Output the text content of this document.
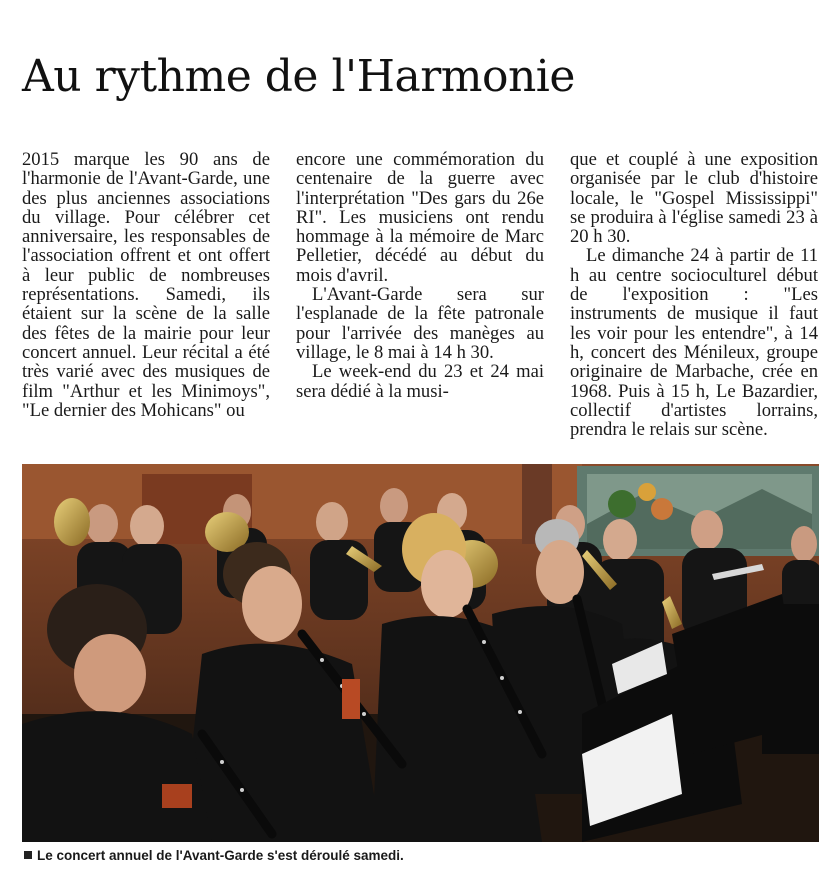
Au rythme de l'Harmonie

2015 marque les 90 ans de l'harmonie de l'Avant-Garde, une des plus anciennes associations du village. Pour célébrer cet anniversaire, les responsables de l'association offrent et ont offert à leur public de nombreuses représentations. Samedi, ils étaient sur la scène de la salle des fêtes de la mairie pour leur concert annuel. Leur récital a été très varié avec des musiques de film "Arthur et les Minimoys", "Le dernier des Mohicans" ou

encore une commémoration du centenaire de la guerre avec l'interprétation "Des gars du 26e RI". Les musiciens ont rendu hommage à la mémoire de Marc Pelletier, décédé au début du mois d'avril.

L'Avant-Garde sera sur l'esplanade de la fête patronale pour l'arrivée des manèges au village, le 8 mai à 14 h 30.

Le week-end du 23 et 24 mai sera dédié à la musi-

que et couplé à une exposition organisée par le club d'histoire locale, le "Gospel Mississippi" se produira à l'église samedi 23 à 20 h 30.

Le dimanche 24 à partir de 11 h au centre socioculturel début de l'exposition : "Les instruments de musique il faut les voir pour les entendre", à 14 h, concert des Ménileux, groupe originaire de Marbache, crée en 1968. Puis à 15 h, Le Bazardier, collectif d'artistes lorrains, prendra le relais sur scène.

Le concert annuel de l'Avant-Garde s'est déroulé samedi.
